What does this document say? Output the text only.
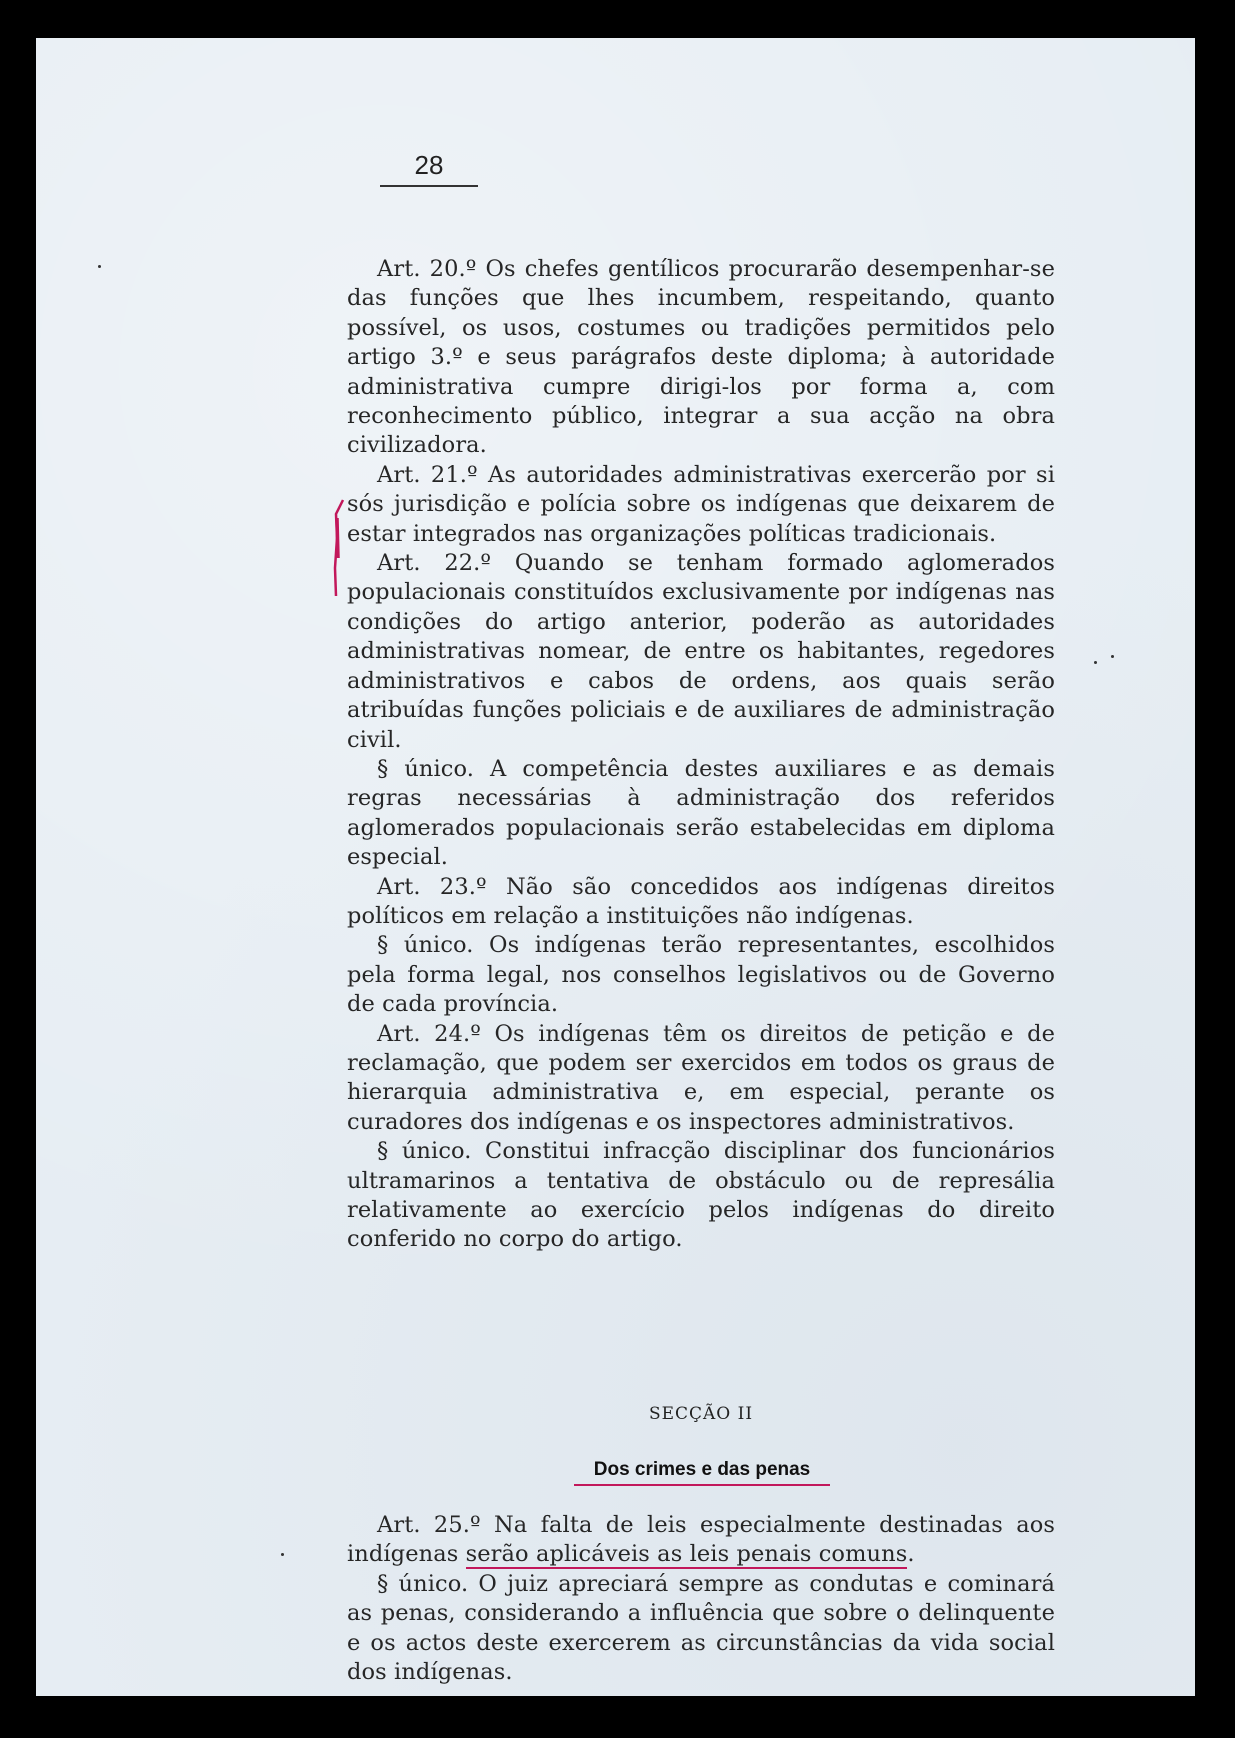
28

Art. 20.º Os chefes gentílicos procurarão desempenhar-se das funções que lhes incumbem, respeitando, quanto possível, os usos, costumes ou tradições permitidos pelo artigo 3.º e seus parágrafos deste diploma; à autoridade administrativa cumpre dirigi-los por forma a, com reconhecimento público, integrar a sua acção na obra civilizadora.

Art. 21.º As autoridades administrativas exercerão por si sós jurisdição e polícia sobre os indígenas que deixarem de estar integrados nas organizações políticas tradicionais.

Art. 22.º Quando se tenham formado aglomerados populacionais constituídos exclusivamente por indígenas nas condições do artigo anterior, poderão as autoridades administrativas nomear, de entre os habitantes, regedores administrativos e cabos de ordens, aos quais serão atribuídas funções policiais e de auxiliares de administração civil.

§ único. A competência destes auxiliares e as demais regras necessárias à administração dos referidos aglomerados populacionais serão estabelecidas em diploma especial.

Art. 23.º Não são concedidos aos indígenas direitos políticos em relação a instituições não indígenas.

§ único. Os indígenas terão representantes, escolhidos pela forma legal, nos conselhos legislativos ou de Governo de cada província.

Art. 24.º Os indígenas têm os direitos de petição e de reclamação, que podem ser exercidos em todos os graus de hierarquia administrativa e, em especial, perante os curadores dos indígenas e os inspectores administrativos.

§ único. Constitui infracção disciplinar dos funcionários ultramarinos a tentativa de obstáculo ou de represália relativamente ao exercício pelos indígenas do direito conferido no corpo do artigo.

SECÇÃO II
Dos crimes e das penas

Art. 25.º Na falta de leis especialmente destinadas aos indígenas serão aplicáveis as leis penais comuns.

§ único. O juiz apreciará sempre as condutas e cominará as penas, considerando a influência que sobre o delinquente e os actos deste exercerem as circunstâncias da vida social dos indígenas.
